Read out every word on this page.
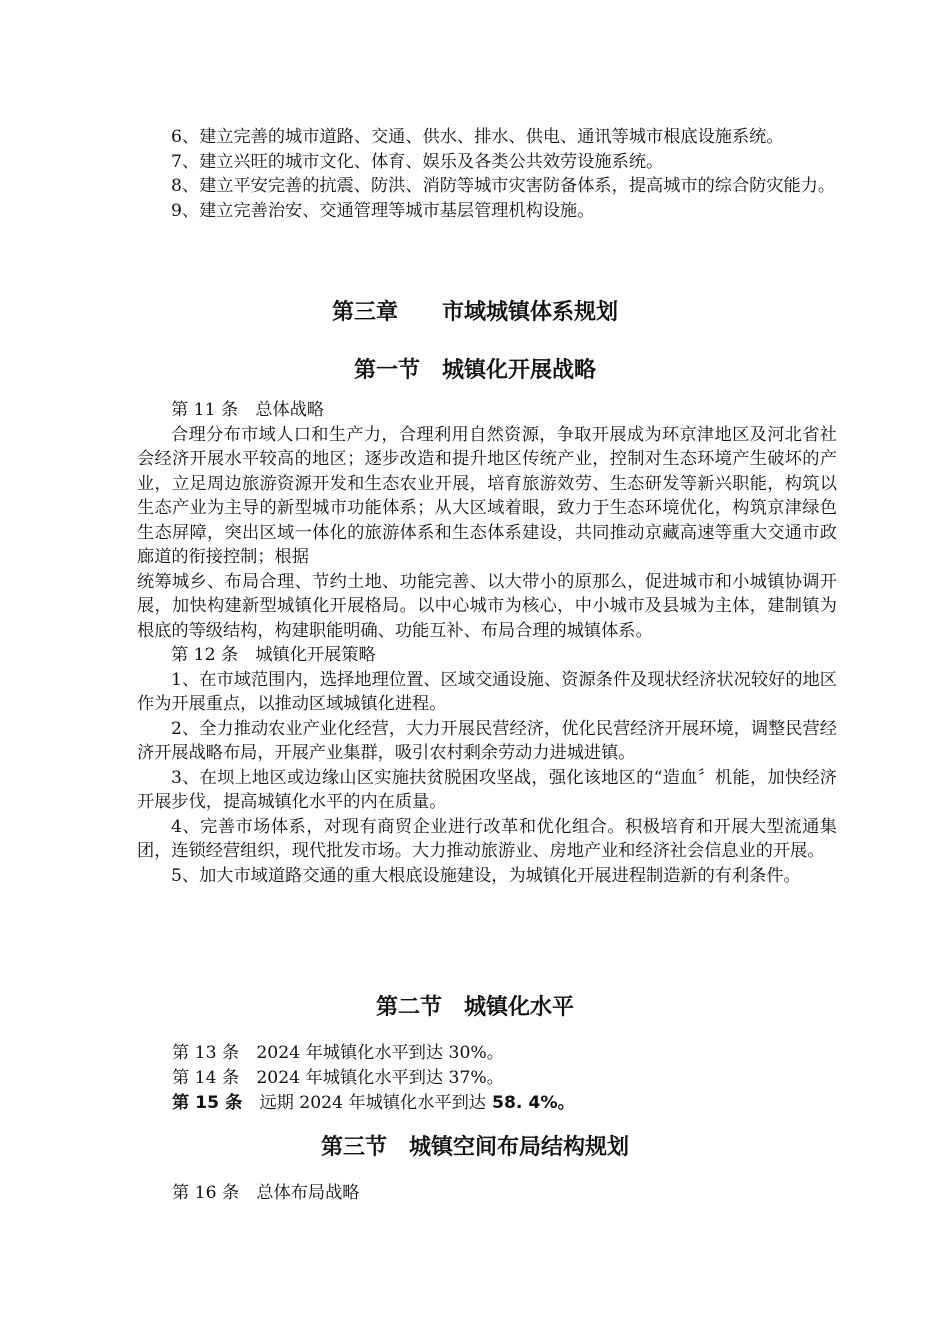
6、建立完善的城市道路、交通、供水、排水、供电、通讯等城市根底设施系统。

7、建立兴旺的城市文化、体育、娱乐及各类公共效劳设施系统。

8、建立平安完善的抗震、防洪、消防等城市灾害防备体系，提高城市的综合防灾能力。

9、建立完善治安、交通管理等城市基层管理机构设施。

第三章　　市域城镇体系规划
第一节　城镇化开展战略

第 11 条　总体战略

合理分布市域人口和生产力，合理利用自然资源，争取开展成为环京津地区及河北省社会经济开展水平较高的地区；逐步改造和提升地区传统产业，控制对生态环境产生破坏的产业，立足周边旅游资源开发和生态农业开展，培育旅游效劳、生态研发等新兴职能，构筑以生态产业为主导的新型城市功能体系；从大区域着眼，致力于生态环境优化，构筑京津绿色生态屏障，突出区域一体化的旅游体系和生态体系建设，共同推动京藏高速等重大交通市政廊道的衔接控制；根据

统筹城乡、布局合理、节约土地、功能完善、以大带小的原那么，促进城市和小城镇协调开展，加快构建新型城镇化开展格局。以中心城市为核心，中小城市及县城为主体，建制镇为根底的等级结构，构建职能明确、功能互补、布局合理的城镇体系。

第 12 条　城镇化开展策略

1、在市域范围内，选择地理位置、区域交通设施、资源条件及现状经济状况较好的地区作为开展重点，以推动区域城镇化进程。

2、全力推动农业产业化经营，大力开展民营经济，优化民营经济开展环境，调整民营经济开展战略布局，开展产业集群，吸引农村剩余劳动力进城进镇。

3、在坝上地区或边缘山区实施扶贫脱困攻坚战，强化该地区的“造血〞机能，加快经济开展步伐，提高城镇化水平的内在质量。

4、完善市场体系，对现有商贸企业进行改革和优化组合。积极培育和开展大型流通集团，连锁经营组织，现代批发市场。大力推动旅游业、房地产业和经济社会信息业的开展。

5、加大市域道路交通的重大根底设施建设，为城镇化开展进程制造新的有利条件。

第二节　城镇化水平
第 13 条　2024 年城镇化水平到达 30%。
第 14 条　2024 年城镇化水平到达 37%。
第 15 条　远期 2024 年城镇化水平到达 58. 4%。
第三节　城镇空间布局结构规划
第 16 条　总体布局战略
